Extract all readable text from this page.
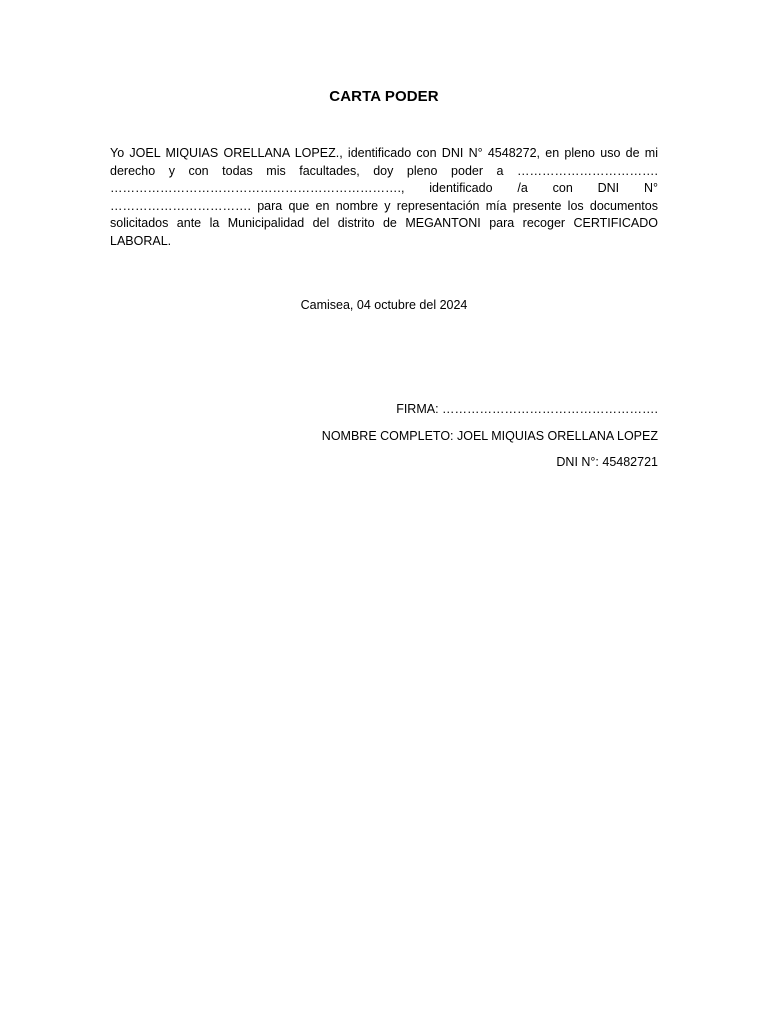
CARTA PODER

Yo JOEL MIQUIAS ORELLANA LOPEZ., identificado con DNI N° 4548272, en pleno uso de mi derecho y con todas mis facultades, doy pleno poder a ……………………………. ……………………………………………………………., identificado /a con DNI N° ……………………………. para que en nombre y representación mía presente los documentos solicitados ante la Municipalidad del distrito de MEGANTONI para recoger CERTIFICADO LABORAL.

Camisea, 04 octubre del 2024
FIRMA: …………………………………………….
NOMBRE COMPLETO: JOEL MIQUIAS ORELLANA LOPEZ
DNI N°: 45482721
